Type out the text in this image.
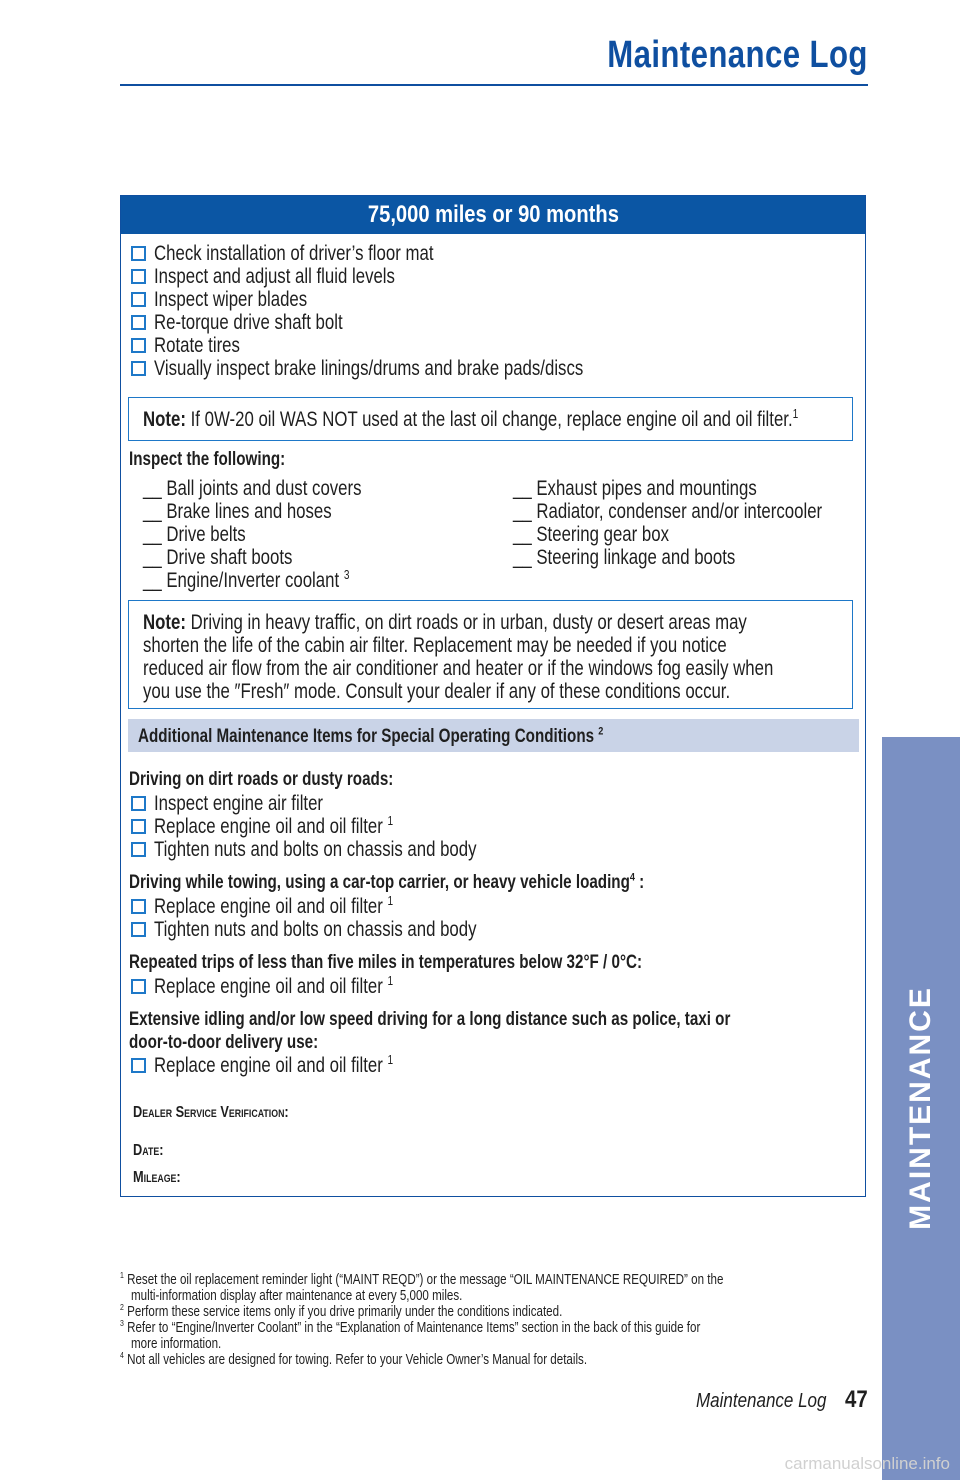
Maintenance Log
75,000 miles or 90 months
Check installation of driver’s floor mat
Inspect and adjust all fluid levels
Inspect wiper blades
Re-torque drive shaft bolt
Rotate tires
Visually inspect brake linings/drums and brake pads/discs
Note: If 0W-20 oil WAS NOT used at the last oil change, replace engine oil and oil filter.$^1$
Inspect the following:
__ Ball joints and dust covers
__ Brake lines and hoses
__ Drive belts
__ Drive shaft boots
__ Engine/Inverter coolant $^3$
__ Exhaust pipes and mountings
__ Radiator, condenser and/or intercooler
__ Steering gear box
__ Steering linkage and boots
Note: Driving in heavy traffic, on dirt roads or in urban, dusty or desert areas may
shorten the life of the cabin air filter. Replacement may be needed if you notice
reduced air flow from the air conditioner and heater or if the windows fog easily when
you use the ″Fresh″ mode. Consult your dealer if any of these conditions occur.
Additional Maintenance Items for Special Operating Conditions $^2$
Driving on dirt roads or dusty roads:
Inspect engine air filter
Replace engine oil and oil filter $^1$
Tighten nuts and bolts on chassis and body
Driving while towing, using a car-top carrier, or heavy vehicle loading$^4$ :
Replace engine oil and oil filter $^1$
Tighten nuts and bolts on chassis and body
Repeated trips of less than five miles in temperatures below 32°F / 0°C:
Replace engine oil and oil filter $^1$
Extensive idling and/or low speed driving for a long distance such as police, taxi or
door-to-door delivery use:
Replace engine oil and oil filter $^1$
Dealer Service Verification:
Date:
Mileage:
$^1$ Reset the oil replacement reminder light (“MAINT REQD”) or the message “OIL MAINTENANCE REQUIRED” on the
multi-information display after maintenance at every 5,000 miles.
$^2$ Perform these service items only if you drive primarily under the conditions indicated.
$^3$ Refer to “Engine/Inverter Coolant” in the “Explanation of Maintenance Items” section in the back of this guide for
more information.
$^4$ Not all vehicles are designed for towing. Refer to your Vehicle Owner’s Manual for details.
MAINTENANCE
Maintenance Log 47
carmanualsonline.info
